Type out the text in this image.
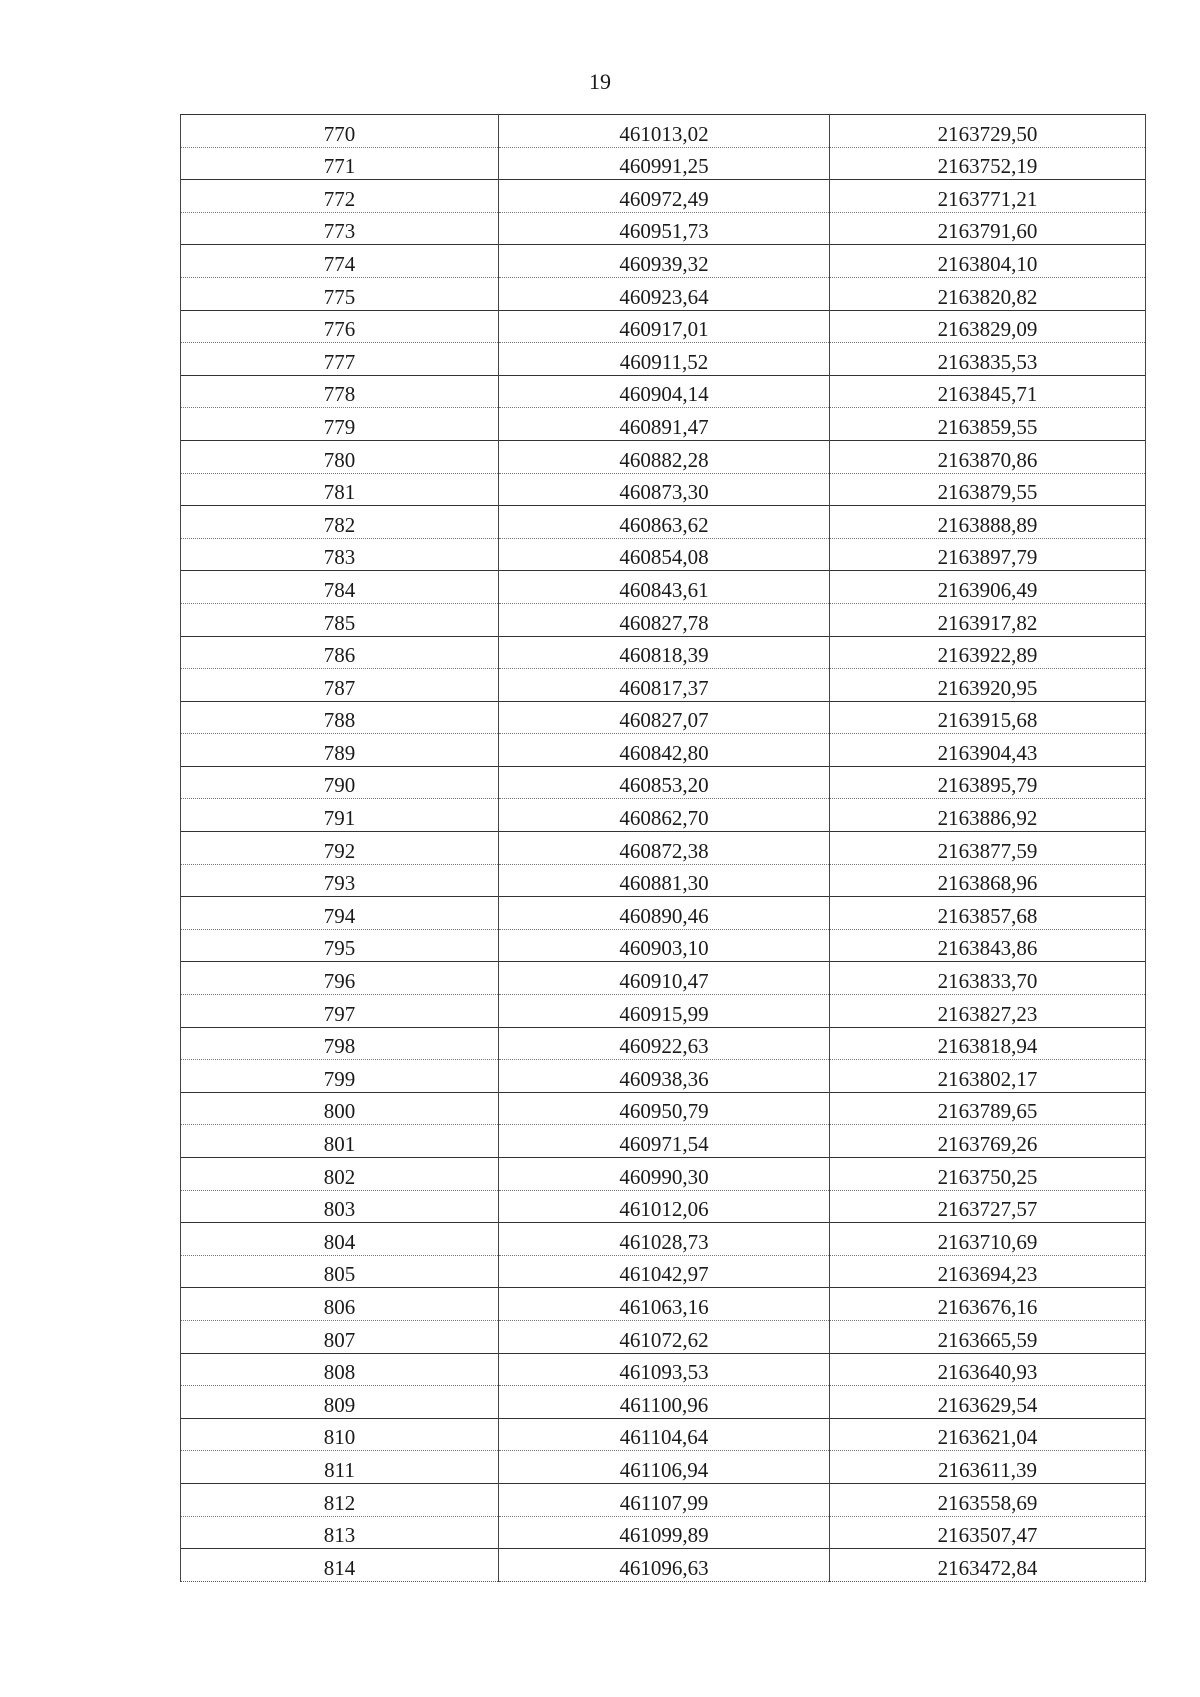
19
770	461013,02	2163729,50
771	460991,25	2163752,19
772	460972,49	2163771,21
773	460951,73	2163791,60
774	460939,32	2163804,10
775	460923,64	2163820,82
776	460917,01	2163829,09
777	460911,52	2163835,53
778	460904,14	2163845,71
779	460891,47	2163859,55
780	460882,28	2163870,86
781	460873,30	2163879,55
782	460863,62	2163888,89
783	460854,08	2163897,79
784	460843,61	2163906,49
785	460827,78	2163917,82
786	460818,39	2163922,89
787	460817,37	2163920,95
788	460827,07	2163915,68
789	460842,80	2163904,43
790	460853,20	2163895,79
791	460862,70	2163886,92
792	460872,38	2163877,59
793	460881,30	2163868,96
794	460890,46	2163857,68
795	460903,10	2163843,86
796	460910,47	2163833,70
797	460915,99	2163827,23
798	460922,63	2163818,94
799	460938,36	2163802,17
800	460950,79	2163789,65
801	460971,54	2163769,26
802	460990,30	2163750,25
803	461012,06	2163727,57
804	461028,73	2163710,69
805	461042,97	2163694,23
806	461063,16	2163676,16
807	461072,62	2163665,59
808	461093,53	2163640,93
809	461100,96	2163629,54
810	461104,64	2163621,04
811	461106,94	2163611,39
812	461107,99	2163558,69
813	461099,89	2163507,47
814	461096,63	2163472,84
